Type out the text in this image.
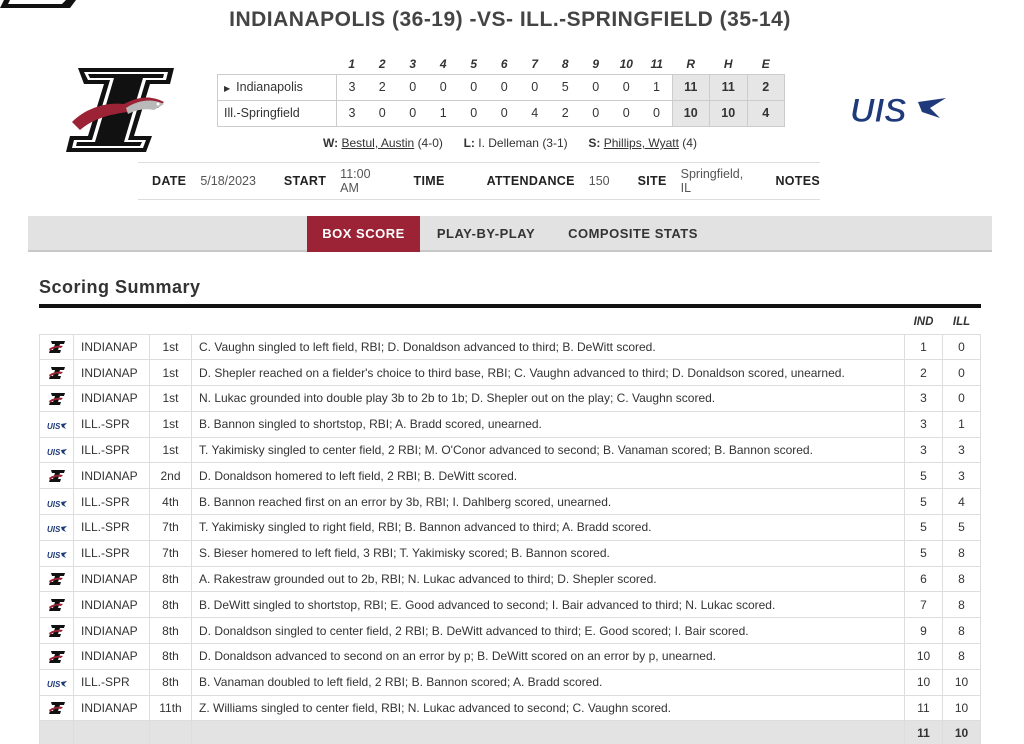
INDIANAPOLIS (36-19) -VS- ILL.-SPRINGFIELD (35-14)
UIS
	1	2	3	4	5	6	7	8	9	10	11	R	H	E
▶ Indianapolis	3	2	0	0	0	0	0	5	0	0	1	11	11	2
Ill.-Springfield	3	0	0	1	0	0	4	2	0	0	0	10	10	4
W: Bestul, Austin (4-0) L: I. Delleman (3-1) S: Phillips, Wyatt (4)
DATE 5/18/2023 START 11:00 AM	TIME	ATTENDANCE 150 SITE Springfield, IL	NOTES
BOX SCORE	PLAY-BY-PLAY	COMPOSITE STATS
Scoring Summary
				IND	ILL
	INDIANAP	1st	C. Vaughn singled to left field, RBI; D. Donaldson advanced to third; B. DeWitt scored.	1	0
	INDIANAP	1st	D. Shepler reached on a fielder's choice to third base, RBI; C. Vaughn advanced to third; D. Donaldson scored, unearned.	2	0
	INDIANAP	1st	N. Lukac grounded into double play 3b to 2b to 1b; D. Shepler out on the play; C. Vaughn scored.	3	0

UIS	ILL.-SPR	1st	B. Bannon singled to shortstop, RBI; A. Bradd scored, unearned.	3	1

UIS	ILL.-SPR	1st	T. Yakimisky singled to center field, 2 RBI; M. O'Conor advanced to second; B. Vanaman scored; B. Bannon scored.	3	3
	INDIANAP	2nd	D. Donaldson homered to left field, 2 RBI; B. DeWitt scored.	5	3

UIS	ILL.-SPR	4th	B. Bannon reached first on an error by 3b, RBI; I. Dahlberg scored, unearned.	5	4

UIS	ILL.-SPR	7th	T. Yakimisky singled to right field, RBI; B. Bannon advanced to third; A. Bradd scored.	5	5

UIS	ILL.-SPR	7th	S. Bieser homered to left field, 3 RBI; T. Yakimisky scored; B. Bannon scored.	5	8
	INDIANAP	8th	A. Rakestraw grounded out to 2b, RBI; N. Lukac advanced to third; D. Shepler scored.	6	8
	INDIANAP	8th	B. DeWitt singled to shortstop, RBI; E. Good advanced to second; I. Bair advanced to third; N. Lukac scored.	7	8
	INDIANAP	8th	D. Donaldson singled to center field, 2 RBI; B. DeWitt advanced to third; E. Good scored; I. Bair scored.	9	8
	INDIANAP	8th	D. Donaldson advanced to second on an error by p; B. DeWitt scored on an error by p, unearned.	10	8

UIS	ILL.-SPR	8th	B. Vanaman doubled to left field, 2 RBI; B. Bannon scored; A. Bradd scored.	10	10
	INDIANAP	11th	Z. Williams singled to center field, RBI; N. Lukac advanced to second; C. Vaughn scored.	11	10
				11	10
